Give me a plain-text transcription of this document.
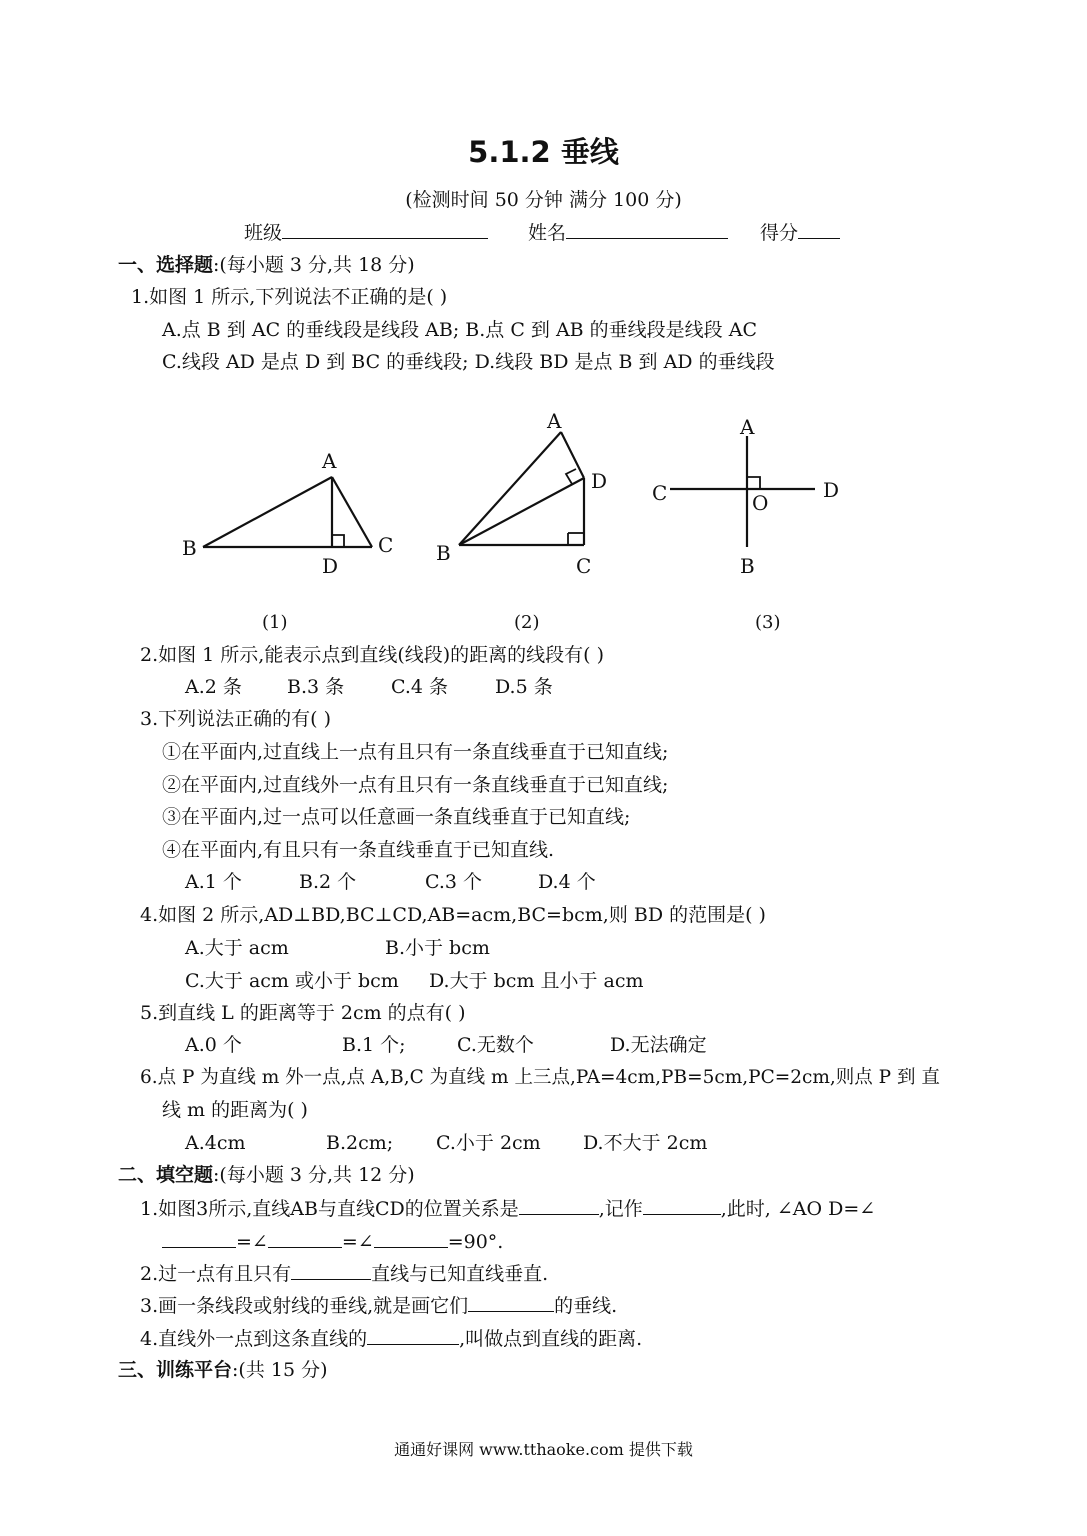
5.1.2 垂线
(检测时间 50 分钟 满分 100 分)
班级	姓名	得分
一、选择题:(每小题 3 分,共 18 分)
1.如图 1 所示,下列说法不正确的是( )
A.点 B 到 AC 的垂线段是线段 AB; B.点 C 到 AB 的垂线段是线段 AC
C.线段 AD 是点 D 到 BC 的垂线段; D.线段 BD 是点 B 到 AD 的垂线段
A
B	C
D
(1)
A
B
C
D
(2)
A
B
C	D
O
(3)
2.如图 1 所示,能表示点到直线(线段)的距离的线段有( )
A.2 条 B.3 条 C.4 条 D.5 条
3.下列说法正确的有( )
①在平面内,过直线上一点有且只有一条直线垂直于已知直线;
②在平面内,过直线外一点有且只有一条直线垂直于已知直线;
③在平面内,过一点可以任意画一条直线垂直于已知直线;
④在平面内,有且只有一条直线垂直于已知直线.
A.1 个	B.2 个	C.3 个	D.4 个
4.如图 2 所示,AD⊥BD,BC⊥CD,AB=acm,BC=bcm,则 BD 的范围是( )
A.大于 acm	B.小于 bcm
C.大于 acm 或小于 bcm D.大于 bcm 且小于 acm
5.到直线 L 的距离等于 2cm 的点有( )
A.0 个	B.1 个;	C.无数个	D.无法确定
6.点 P 为直线 m 外一点,点 A,B,C 为直线 m 上三点,PA=4cm,PB=5cm,PC=2cm,则点 P 到 直
线 m 的距离为( )
A.4cm	B.2cm; C.小于 2cm D.不大于 2cm
二、填空题:(每小题 3 分,共 12 分)
1.如图3所示,直线AB与直线CD的位置关系是	,记作	,此时, ∠AO D=∠
=∠	=∠	=90°.
2.过一点有且只有	直线与已知直线垂直.
3.画一条线段或射线的垂线,就是画它们	的垂线.
4.直线外一点到这条直线的	,叫做点到直线的距离.
三、训练平台:(共 15 分)
通通好课网 www.tthaoke.com 提供下载
